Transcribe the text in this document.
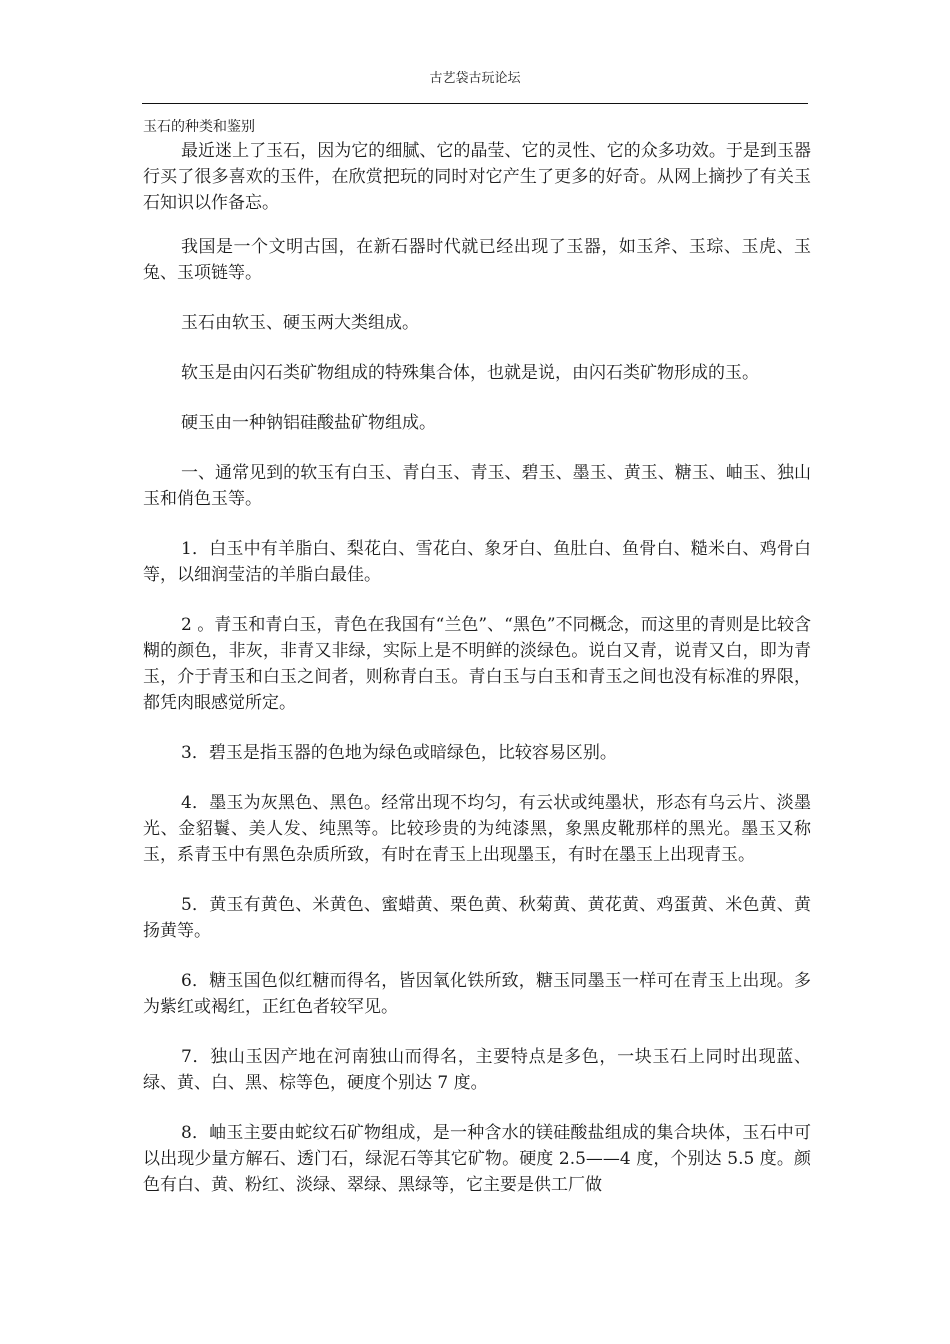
古艺袋古玩论坛
玉石的种类和鉴别

最近迷上了玉石，因为它的细腻、它的晶莹、它的灵性、它的众多功效。于是到玉器行买了很多喜欢的玉件，在欣赏把玩的同时对它产生了更多的好奇。从网上摘抄了有关玉石知识以作备忘。

我国是一个文明古国，在新石器时代就已经出现了玉器，如玉斧、玉琮、玉虎、玉兔、玉项链等。

玉石由软玉、硬玉两大类组成。

软玉是由闪石类矿物组成的特殊集合体，也就是说，由闪石类矿物形成的玉。

硬玉由一种钠铝硅酸盐矿物组成。

一、通常见到的软玉有白玉、青白玉、青玉、碧玉、墨玉、黄玉、糖玉、岫玉、独山玉和俏色玉等。

1．白玉中有羊脂白、梨花白、雪花白、象牙白、鱼肚白、鱼骨白、糙米白、鸡骨白等，以细润莹洁的羊脂白最佳。

2 。青玉和青白玉，青色在我国有“兰色”、“黑色”不同概念，而这里的青则是比较含糊的颜色，非灰，非青又非绿，实际上是不明鲜的淡绿色。说白又青，说青又白，即为青玉，介于青玉和白玉之间者，则称青白玉。青白玉与白玉和青玉之间也没有标准的界限，都凭肉眼感觉所定。

3．碧玉是指玉器的色地为绿色或暗绿色，比较容易区别。

4．墨玉为灰黑色、黑色。经常出现不均匀，有云状或纯墨状，形态有乌云片、淡墨光、金貂鬟、美人发、纯黑等。比较珍贵的为纯漆黑，象黑皮靴那样的黑光。墨玉又称玉，系青玉中有黑色杂质所致，有时在青玉上出现墨玉，有时在墨玉上出现青玉。

5．黄玉有黄色、米黄色、蜜蜡黄、栗色黄、秋菊黄、黄花黄、鸡蛋黄、米色黄、黄扬黄等。

6．糖玉国色似红糖而得名，皆因氧化铁所致，糖玉同墨玉一样可在青玉上出现。多为紫红或褐红，正红色者较罕见。

7．独山玉因产地在河南独山而得名，主要特点是多色，一块玉石上同时出现蓝、绿、黄、白、黑、棕等色，硬度个别达 7 度。

8．岫玉主要由蛇纹石矿物组成，是一种含水的镁硅酸盐组成的集合块体，玉石中可以出现少量方解石、透门石，绿泥石等其它矿物。硬度 2.5——4 度，个别达 5.5 度。颜色有白、黄、粉红、淡绿、翠绿、黑绿等，它主要是供工厂做
